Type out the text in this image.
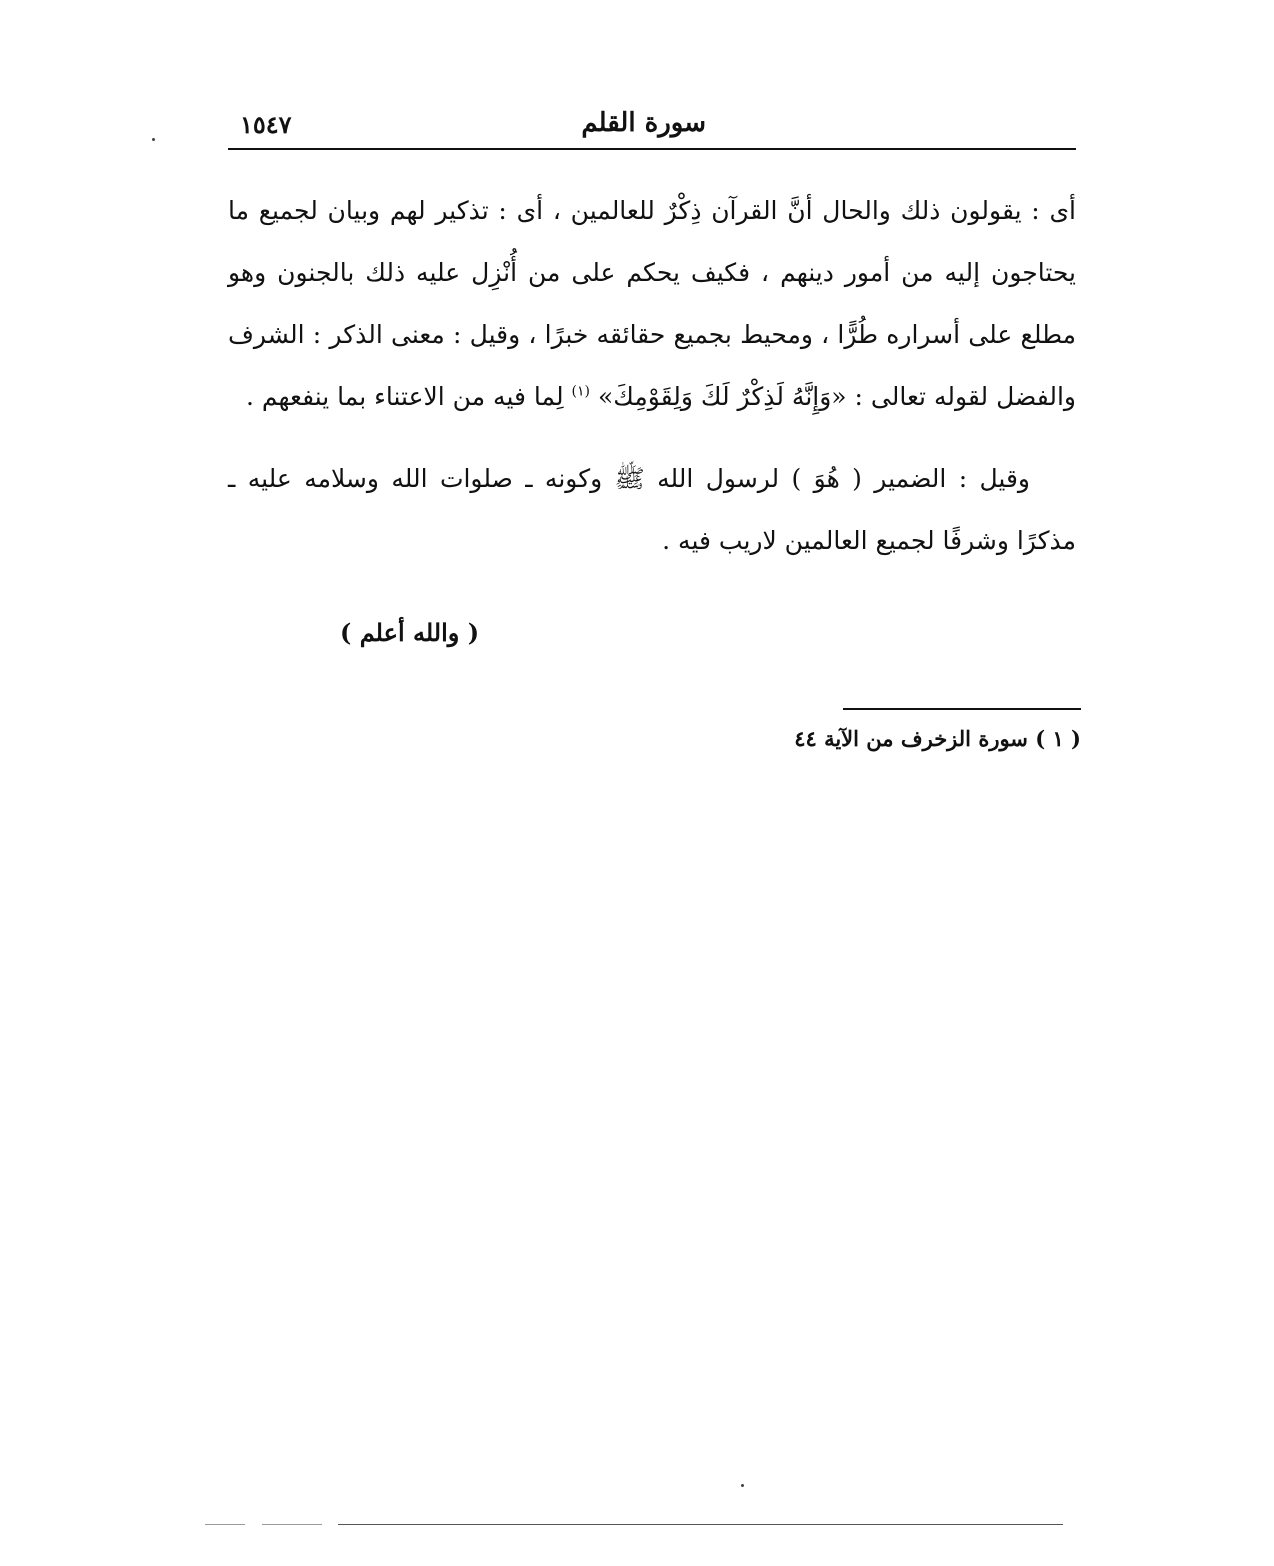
سورة القلم
١٥٤٧

أى : يقولون ذلك والحال أنَّ القرآن ذِكْرٌ للعالمين ، أى : تذكير لهم وبيان لجميع ما يحتاجون إليه من أمور دينهم ، فكيف يحكم على من أُنْزِل عليه ذلك بالجنون وهو مطلع على أسراره طُرًّا ، ومحيط بجميع حقائقه خبرًا ، وقيل : معنى الذكر : الشرف والفضل لقوله تعالى : «وَإِنَّهُ لَذِكْرٌ لَكَ وَلِقَوْمِكَ» $^{(١)}$ لِما فيه من الاعتناء بما ينفعهم .

وقيل : الضمير ( هُوَ ) لرسول الله ﷺ وكونه ـ صلوات الله وسلامه عليه ـ مذكرًا وشرفًا لجميع العالمين لاريب فيه .

( والله أعلم )
( ١ ) سورة الزخرف من الآية ٤٤
